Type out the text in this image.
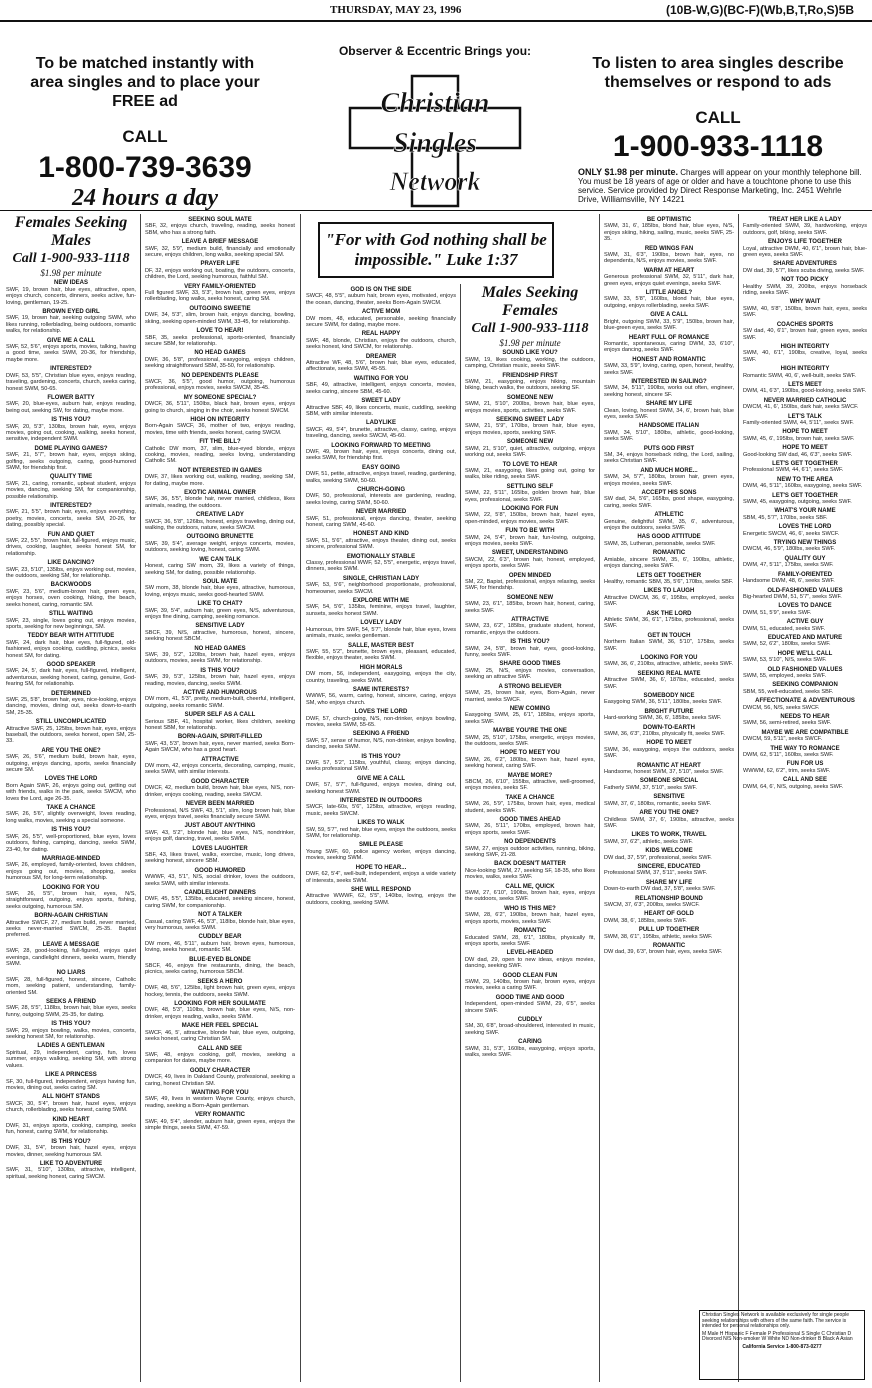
THURSDAY, MAY 23, 1996	(10B-W,G)(BC-F)(Wb,B,T,Ro,S)5B
To be matched instantly with area singles and to place your FREE ad
CALL
1-800-739-3639
24 hours a day
Observer & Eccentric Brings you:
Christian
Singles
Network
To listen to area singles describe themselves or respond to ads
CALL
1-900-933-1118
ONLY $1.98 per minute. Charges will appear on your monthly telephone bill. You must be 18 years of age or older and have a touchtone phone to use this service. Service provided by Direct Response Marketing, Inc. 2451 Wehrle Drive, Williamsville, NY 14221
Females Seeking Males
Call 1-900-933-1118
$1.98 per minute
NEW IDEAS
SWF, 19, brown hair, blue eyes, attractive, open, enjoys church, concerts, dinners, seeks active, fun-loving, gentleman, 19-25.
BROWN EYED GIRL
SWF, 19, brown hair, seeking outgoing SWM, who likes running, rollerblading, being outdoors, romantic walks, for relationship.
GIVE ME A CALL
SWF, 52, 5'6", enjoys sports, movies, talking, having a good time, seeks SWM, 20-36, for friendship, maybe more.
INTERESTED?
DWF, 53, 5'5", Christian blue eyes, enjoys reading, traveling, gardening, concerts, church, seeks caring, honest SWM, 50-65.
FLOWER BATTY
SWF, 20, blue-eyes, auburn hair, enjoys reading, being out, seeking SW, for dating, maybe more.
IS THIS YOU?
SWF, 20, 5'3", 130lbs, brown hair, eyes, enjoys movies, going out, cooking, walking, seeks honest, sensitive, independent SWM.
DOME PLAYING GAMES?
SWF, 21, 5'7", brown hair, eyes, enjoys skiing, golfing, seeks outgoing, caring, good-humored SWM, for friendship first.
QUALITY TIME
SWF, 21, caring, romantic, upbeat student, enjoys movies, dancing, seeking SM, for companionship, possible relationship.
INTERESTED?
SWF, 21, 5'5", brown hair, eyes, enjoys everything, poetry, movies, concerts, seeks SM, 20-26, for dating, possibly special.
FUN AND QUIET
SWF, 22, 5'5", brown hair, full-figured, enjoys music, drives, cooking, laughter, seeks honest SM, for relationship.
LIKE DANCING?
SWF, 23, 5'10", 135lbs, enjoys working out, movies, the outdoors, seeking SM, for relationship.
BACKWOODS
SWF, 23, 5'6", medium-brown hair, green eyes, enjoys horses, oven cooking, hiking, the beach, seeks honest, caring, romantic SM.
STILL WAITING
SWF, 23, single, loves going out, enjoys movies, sports, seeking for new beginnings, SM.
TEDDY BEAR WITH ATTITUDE
SWF, 24, dark hair, blue eyes, full-figured, old-fashioned, enjoys cooking, cuddling, picnics, seeks honest SM, for dating.
GOOD SPEAKER
SWF, 24, 5', dark hair, eyes, full-figured, intelligent, adventurous, seeking honest, caring, genuine, God-fearing SM, for relationship.
DETERMINED
SWF, 25, 5'8", brown hair, eyes, nice-looking, enjoys dancing, movies, dining out, seeks down-to-earth SM, 25-35.
STILL UNCOMPLICATED
Attractive SWF, 25, 125lbs, brown hair, eyes, enjoys baseball, the outdoors, seeks honest, open SM, 25-33.
ARE YOU THE ONE?
SWF, 26, 5'6", medium build, brown hair, eyes, outgoing, enjoys dancing, sports, seeks financially secure SM.
LOVES THE LORD
Born Again SWF, 26, enjoys going out, getting out with friends, walks in the park, seeks SWCM, who loves the Lord, age 26-35.
TAKE A CHANCE
SWF, 26, 5'6", slightly overweight, loves reading, long walks, movies, seeking a special someone.
IS THIS YOU?
SWF, 26, 5'5", well-proportioned, blue eyes, loves outdoors, fishing, camping, dancing, seeks SWM, 23-40, for dating.
MARRIAGE-MINDED
SWF, 26, employed, family-oriented, loves children, enjoys going out, movies, shopping, seeks humorous SM, for long-term relationship.
LOOKING FOR YOU
SWF, 26, 5'5", brown hair, eyes, N/S, straightforward, outgoing, enjoys sports, fishing, seeks outgoing, humorous SM.
BORN-AGAIN CHRISTIAN
Attractive SWCF, 27, medium build, never married, seeks never-married SWCM, 25-35. Baptist preferred.
LEAVE A MESSAGE
SWF, 28, good-looking, full-figured, enjoys quiet evenings, candlelight dinners, seeks warm, friendly SWM.
NO LIARS
SWF, 28, full-figured, honest, sincere, Catholic mom, seeking patient, understanding, family-oriented SM.
SEEKS A FRIEND
SWF, 28, 5'5", 118lbs, brown hair, blue eyes, seeks funny, outgoing SWM, 25-35, for dating.
IS THIS YOU?
SWF, 29, enjoys bowling, walks, movies, concerts, seeking honest SM, for relationship.
LADIES A GENTLEMAN
Spiritual, 29, independent, caring, fun, loves summer, enjoys walking, seeking SM, with strong values.
LIKE A PRINCESS
SF, 30, full-figured, independent, enjoys having fun, movies, dining out, seeks caring SM.
ALL NIGHT STANDS
SWCF, 30, 5'4", brown hair, hazel eyes, enjoys church, rollerblading, seeks honest, caring SWM.
KIND HEART
DWF, 31, enjoys sports, cooking, camping, seeks fun, honest, caring SWM, for relationship.
IS THIS YOU?
DWF, 31, 5'4", brown hair, hazel eyes, enjoys movies, dinner, seeking humorous SM.
LIKE TO ADVENTURE
SWF, 31, 5'10", 130lbs, attractive, intelligent, spiritual, seeking honest, caring SWCM.
SEEKING SOUL MATE
SBF, 32, enjoys church, traveling, reading, seeks honest SBM, who has a strong faith.
LEAVE A BRIEF MESSAGE
SWF, 32, 5'9", medium build, financially and emotionally secure, enjoys children, long walks, seeking special SM.
PRAYER LIFE
DF, 32, enjoys working out, boating, the outdoors, concerts, children, the Lord, seeking humorous, faithful SM.
VERY FAMILY-ORIENTED
Full figured SWF, 33, 5'3", brown hair, green eyes, enjoys rollerblading, long walks, seeks honest, caring SM.
OUTGOING SWEETIE
DWF, 34, 5'3", slim, brown hair, enjoys dancing, bowling, skiing, seeking open-minded SWM, 33-45, for relationship.
LOVE TO HEAR!
SBF, 35, seeks professional, sports-oriented, financially secure SBM, for relationship.
NO HEAD GAMES
DWF, 36, 5'8", professional, easygoing, enjoys children, seeking straightforward SBM, 35-50, for relationship.
NO DEPENDENTS PLEASE
SWCF, 36, 5'5", good humor, outgoing, humorous professional, enjoys movies, seeks SWCM, 35-45.
MY SOMEONE SPECIAL?
DWCF, 36, 5'11", 150lbs, black hair, brown eyes, enjoys going to church, singing in the choir, seeks honest SWCM.
HIGH ON INTEGRITY
Born-Again SWCF, 36, mother of two, enjoys reading, movies, time with friends, seeks honest, caring SWCM.
FIT THE BILL?
Catholic DW mom, 37, slim, blue-eyed blonde, enjoys cooking, movies, reading, seeks loving, understanding Catholic SM.
NOT INTERESTED IN GAMES
DWF, 37, likes working out, walking, reading, seeking SM, for dating, maybe more.
EXOTIC ANIMAL OWNER
SWF, 36, 5'5", blonde hair, never married, childless, likes animals, reading, the outdoors.
CREATIVE LADY
SWCF, 36, 5'8", 126lbs, honest, enjoys traveling, dining out, walking, the outdoors, nature, seeks SWCM.
OUTGOING BRUNETTE
SWF, 39, 5'4", average weight, enjoys concerts, movies, outdoors, seeking loving, honest, caring SWM.
WE CAN TALK
Honest, caring SW mom, 39, likes a variety of things, seeking SM, for dating, possible relationship.
SOUL MATE
SW mom, 38, blonde hair, blue eyes, attractive, humorous, loving, enjoys music, seeks good-hearted SWM.
LIKE TO CHAT?
SWF, 39, 5'4", auburn hair, green eyes, N/S, adventurous, enjoys fine dining, camping, seeking romance.
SENSITIVE LADY
SBCF, 39, N/S, attractive, humorous, honest, sincere, seeking honest SBCM.
NO HEAD GAMES
SWF, 39, 5'2", 120lbs, brown hair, hazel eyes, enjoys outdoors, movies, seeks SWM, for relationship.
IS THIS YOU?
SWF, 39, 5'3", 125lbs, brown hair, hazel eyes, enjoys reading, movies, dancing, seeks SWM.
ACTIVE AND HUMOROUS
DW mom, 41, 5'3", pretty, medium-built, cheerful, intelligent, outgoing, seeks romantic SWM.
SUPER SELF AS A CALL
Serious SBF, 41, hospital worker, likes children, seeking honest SBM, for relationship.
BORN-AGAIN, SPIRIT-FILLED
SWF, 43, 5'3", brown hair, eyes, never married, seeks Born-Again SWCM, who has a good heart.
ATTRACTIVE
DW mom, 42, enjoys concerts, decorating, camping, music, seeks SWM, with similar interests.
GOOD CHARACTER
DWCF, 42, medium build, brown hair, blue eyes, N/S, non-drinker, enjoys cooking, reading, seeks SWCM.
NEVER BEEN MARRIED
Professional, N/S SWF, 43, 5'1", slim, long brown hair, blue eyes, enjoys travel, seeks financially secure SWM.
JUST ABOUT ANYTHING
SWF, 43, 5'2", blonde hair, blue eyes, N/S, nondrinker, enjoys golf, dancing, travel, seeks SWM.
LOVES LAUGHTER
SBF, 43, likes travel, walks, exercise, music, long drives, seeking honest, sincere SBM.
GOOD HUMORED
WWWF, 43, 5'1", N/S, social drinker, loves the outdoors, seeks SWM, with similar interests.
CANDLELIGHT DINNERS
DWF, 45, 5'5", 135lbs, educated, seeking sincere, honest, caring SWM, for companionship.
NOT A TALKER
Casual, caring SWF, 46, 5'3", 118lbs, blonde hair, blue eyes, very humorous, seeks SWM.
CUDDLY BEAR
DW mom, 46, 5'11", auburn hair, brown eyes, humorous, loving, seeks honest, romantic SM.
BLUE-EYED BLONDE
SBCF, 46, enjoys fine restaurants, dining, the beach, picnics, seeks caring, humorous SBCM.
SEEKS A HERO
DWF, 48, 5'6", 125lbs, light brown hair, green eyes, enjoys hockey, tennis, the outdoors, seeks SWM.
LOOKING FOR HER SOULMATE
DWF, 48, 5'3", 110lbs, brown hair, blue eyes, N/S, non-drinker, enjoys reading, walks, seeks SWM.
MAKE HER FEEL SPECIAL
SWCF, 46, 5', attractive, blonde hair, blue eyes, outgoing, seeks honest, caring Christian SM.
CALL AND SEE
SWF, 48, enjoys cooking, golf, movies, seeking a companion for dates, maybe more.
GODLY CHARACTER
DWCF, 49, lives in Oakland County, professional, seeking a caring, honest Christian SM.
WANTING FOR YOU
SWF, 49, lives in western Wayne County, enjoys church, reading, seeking a Born-Again gentleman.
VERY ROMANTIC
SWF, 49, 5'4", slender, auburn hair, green eyes, enjoys the simple things, seeks SWM, 47-59.
"For with God nothing shall be impossible." Luke 1:37
GOD IS ON THE SIDE
SWCF, 48, 5'5", auburn hair, brown eyes, motivated, enjoys the ocean, dancing, theater, seeks Born-Again SWCM.
ACTIVE MOM
DW mom, 48, educated, personable, seeking financially secure SWM, for dating, maybe more.
REAL HAPPY
SWF, 48, blonde, Christian, enjoys the outdoors, church, seeks honest, kind SWCM, for relationship.
DREAMER
Attractive WF, 48, 5'6", brown hair, blue eyes, educated, affectionate, seeks SWM, 45-55.
WAITING FOR YOU
SBF, 49, attractive, intelligent, enjoys concerts, movies, seeks caring, sincere SBM, 45-60.
SWEET LADY
Attractive SBF, 49, likes concerts, music, cuddling, seeking SBM, with similar interests.
LADYLIKE
SWCF, 49, 5'4", brunette, attractive, classy, caring, enjoys traveling, dancing, seeks SWCM, 45-60.
LOOKING FORWARD TO MEETING
DWF, 49, brown hair, eyes, enjoys concerts, dining out, seeks SWM, for friendship first.
EASY GOING
DWF, 51, petite, attractive, enjoys travel, reading, gardening, walks, seeking SWM, 50-60.
CHURCH-GOING
DWF, 50, professional, interests are gardening, reading, seeks loving, caring SWM, 50-60.
NEVER MARRIED
SWF, 51, professional, enjoys dancing, theater, seeking honest, caring SWM, 45-60.
HONEST AND KIND
SWF, 51, 5'6", attractive, enjoys theater, dining out, seeks sincere, professional SWM.
EMOTIONALLY STABLE
Classy, professional WWF, 52, 5'5", energetic, enjoys travel, dinners, seeks SWM.
SINGLE, CHRISTIAN LADY
SWF, 53, 5'6", neighborhood proportionate, professional, homeowner, seeks SWCM.
EXPLORE WITH ME
SWF, 54, 5'6", 135lbs, feminine, enjoys travel, laughter, sunsets, seeks honest SWM.
LOVELY LADY
Humorous, trim SWF, 54, 5'7", blonde hair, blue eyes, loves animals, music, seeks gentleman.
SALLE, MASTER BEST
SWF, 55, 5'2", brunette, brown eyes, pleasant, educated, flexible, enjoys theater, seeks SWM.
HIGH MORALS
DW mom, 56, independent, easygoing, enjoys the city, country, traveling, seeks SWM.
SAME INTERESTS?
WWWF, 56, warm, caring, honest, sincere, caring, enjoys SM, who enjoys church.
LOVES THE LORD
DWF, 57, church-going, N/S, non-drinker, enjoys bowling, movies, seeks SWM, 55-65.
SEEKING A FRIEND
SWF, 57, sense of humor, N/S, non-drinker, enjoys bowling, dancing, seeks SWM.
IS THIS YOU?
DWF, 57, 5'2", 115lbs, youthful, classy, enjoys dancing, seeks professional SWM.
GIVE ME A CALL
DWF, 57, 5'7", full-figured, enjoys movies, dining out, seeking honest SWM.
INTERESTED IN OUTDOORS
SWCF, late-60s, 5'6", 125lbs, attractive, enjoys reading, music, seeks SWCM.
LIKES TO WALK
SW, 59, 5'7", red hair, blue eyes, enjoys the outdoors, seeks SWM, for relationship.
SMILE PLEASE
Young SWF, 60, police agency worker, enjoys dancing, movies, seeking SWM.
HOPE TO HEAR...
DWF, 62, 5'4", well-built, independent, enjoys a wide variety of interests, seeks SWM.
SHE WILL RESPOND
Attractive WWWF, 62, 5'5", 140lbs, loving, enjoys the outdoors, cooking, seeking SWM.
Males Seeking Females
Call 1-900-933-1118
$1.98 per minute
SOUND LIKE YOU?
SWM, 19, likes cooking, working, the outdoors, camping, Christian music, seeks SWF.
FRIENDSHIP FIRST
SWM, 21, easygoing, enjoys hiking, mountain biking, beach walks, the outdoors, seeking SF.
SOMEONE NEW
SWM, 21, 5'10", 200lbs, brown hair, blue eyes, enjoys movies, sports, activities, seeks SWF.
SEEKING SWEET LADY
SWM, 21, 5'9", 170lbs, brown hair, blue eyes, enjoys movies, sports, seeking SWF.
SOMEONE NEW
SWM, 21, 5'10", quiet, attractive, outgoing, enjoys working out, seeks SWF.
TO LOVE TO HEAR
SWM, 21, easygoing, likes going out, going for walks, bike riding, seeks SWF.
SETTLING SELF
SWM, 22, 5'11", 165lbs, golden brown hair, blue eyes, professional, seeks SWF.
LOOKING FOR FUN
SWM, 22, 5'8", 150lbs, brown hair, hazel eyes, open-minded, enjoys movies, seeks SWF.
FUN TO BE WITH
SWM, 24, 5'4", brown hair, fun-loving, outgoing, enjoys movies, seeks SWF.
SWEET, UNDERSTANDING
SWCM, 22, 6'3", brown hair, honest, employed, enjoys sports, seeks SWF.
OPEN MINDED
SM, 22, Bapist, professional, enjoys relaxing, seeks SWF, for friendship.
SOMEONE NEW
SWM, 23, 6'1", 185lbs, brown hair, honest, caring, seeks SWF.
ATTRACTIVE
SWM, 23, 6'2", 185lbs, graduate student, honest, romantic, enjoys the outdoors.
IS THIS YOU?
SWM, 24, 5'8", brown hair, eyes, good-looking, funny, seeks SWF.
SHARE GOOD TIMES
SWM, 25, N/S, enjoys movies, conversation, seeking an attractive SWF.
A STRONG BELIEVER
SWM, 25, brown hair, eyes, Born-Again, never married, seeks SWCF.
NEW COMING
Easygoing SWM, 25, 6'1", 185lbs, enjoys sports, seeks SWF.
MAYBE YOU'RE THE ONE
SWM, 25, 5'10", 175lbs, energetic, enjoys movies, the outdoors, seeks SWF.
HOPE TO MEET YOU
SWM, 26, 6'2", 180lbs, brown hair, hazel eyes, seeking honest, caring SWF.
MAYBE MORE?
SBCM, 26, 6'10", 155lbs, attractive, well-groomed, enjoys movies, seeks SF.
TAKE A CHANCE
SWM, 26, 5'9", 175lbs, brown hair, eyes, medical student, seeks SWF.
GOOD TIMES AHEAD
SWM, 26, 5'11", 170lbs, employed, brown hair, enjoys sports, seeks SWF.
NO DEPENDENTS
SWM, 27, enjoys outdoor activities, running, biking, seeking SWF, 21-28.
BACK DOESN'T MATTER
Nice-looking SWM, 27, seeking SF, 18-35, who likes movies, walks, seeks SWF.
CALL ME, QUICK
SWM, 27, 6'10", 190lbs, brown hair, eyes, enjoys the outdoors, seeks SWF.
WHO IS THIS ME?
SWM, 28, 6'2", 190lbs, brown hair, hazel eyes, enjoys sports, movies, seeks SWF.
ROMANTIC
Educated SWM, 28, 6'1", 180lbs, physically fit, enjoys sports, seeks SWF.
LEVEL-HEADED
DW dad, 29, open to new ideas, enjoys movies, dancing, seeking SWF.
GOOD CLEAN FUN
SWM, 29, 140lbs, brown hair, brown eyes, enjoys movies, seeks a caring SWF.
GOOD TIME AND GOOD
Independent, open-minded SWM, 29, 6'5", seeks sincere SWF.
CUDDLY
SM, 30, 6'8", broad-shouldered, interested in music, seeking SWF.
CARING
SWM, 31, 5'3", 160lbs, easygoing, enjoys sports, walks, seeks SWF.
BE OPTIMISTIC
SWM, 31, 6', 185lbs, blond hair, blue eyes, N/S, enjoys skiing, hiking, sailing, music, seeks SWF, 25-35.
RED WINGS FAN
SWM, 31, 6'3", 190lbs, brown hair, eyes, no dependents, N/S, enjoys movies, seeks SWF.
WARM AT HEART
Generous professional SWM, 32, 5'11", dark hair, green eyes, enjoys quiet evenings, seeks SWF.
LITTLE ANGEL?
SWM, 33, 5'8", 160lbs, blond hair, blue eyes, outgoing, enjoys rollerblading, seeks SWF.
GIVE A CALL
Bright, outgoing SWM, 33, 5'9", 150lbs, brown hair, blue-green eyes, seeks SWF.
HEART FULL OF ROMANCE
Romantic, spontaneous, caring DWM, 33, 6'10", enjoys dancing, seeks SWF.
HONEST AND ROMANTIC
SWM, 33, 5'9", loving, caring, open, honest, healthy, seeks SWF.
INTERESTED IN SAILING?
SWM, 34, 5'11", 190lbs, works out often, engineer, seeking honest, sincere SF.
SHARE MY LIFE
Clean, loving, honest SWM, 34, 6', brown hair, blue eyes, seeks SWF.
HANDSOME ITALIAN
SWM, 34, 5'10", 180lbs, athletic, good-looking, seeks SWF.
PUTS GOD FIRST
SM, 34, enjoys horseback riding, the Lord, sailing, seeks Christian SWF.
AND MUCH MORE...
SWM, 34, 5'7", 180lbs, brown hair, green eyes, enjoys movies, seeks SWF.
ACCEPT HIS SONS
SW dad, 34, 5'6", 165lbs, good shape, easygoing, caring, seeks SWF.
ATHLETIC
Genuine, delightful SWM, 35, 6', adventurous, enjoys the outdoors, seeks SWF.
HAS GOOD ATTITUDE
SWM, 35, Lutheran, personable, seeks SWF.
ROMANTIC
Amiable, sincere SWM, 35, 6', 190lbs, athletic, enjoys dancing, seeks SWF.
LETS GET TOGETHER
Healthy, romantic SBM, 35, 5'6", 170lbs, seeks SBF.
LIKES TO LAUGH
Attractive DWCM, 36, 6', 195lbs, employed, seeks SWF.
ASK THE LORD
Athletic SWM, 36, 6'1", 175lbs, professional, seeks SWF.
GET IN TOUCH
Northern Italian SWM, 36, 5'10", 175lbs, seeks SWF.
LOOKING FOR YOU
SWM, 36, 6', 210lbs, attractive, athletic, seeks SWF.
SEEKING REAL MATE
Attractive SWM, 36, 6', 187lbs, educated, seeks SWF.
SOMEBODY NICE
Easygoing SWM, 36, 5'11", 180lbs, seeks SWF.
BRIGHT FUTURE
Hard-working SWM, 36, 6', 185lbs, seeks SWF.
DOWN-TO-EARTH
SWM, 36, 6'3", 210lbs, physically fit, seeks SWF.
HOPE TO MEET
SWM, 36, easygoing, enjoys the outdoors, seeks SWF.
ROMANTIC AT HEART
Handsome, honest SWM, 37, 5'10", seeks SWF.
SOMEONE SPECIAL
Fatherly SWM, 37, 5'10", seeks SWF.
SENSITIVE
SWM, 37, 6', 180lbs, romantic, seeks SWF.
ARE YOU THE ONE?
Childless SWM, 37, 6', 190lbs, attractive, seeks SWF.
LIKES TO WORK, TRAVEL
SWM, 37, 6'2", athletic, seeks SWF.
KIDS WELCOME
DW dad, 37, 5'9", professional, seeks SWF.
SINCERE, EDUCATED
Professional SWM, 37, 5'11", seeks SWF.
SHARE MY LIFE
Down-to-earth DW dad, 37, 5'8", seeks SWF.
RELATIONSHIP BOUND
SWCM, 37, 6'3", 200lbs, seeks SWCF.
HEART OF GOLD
DWM, 38, 6', 185lbs, seeks SWF.
PULL UP TOGETHER
SWM, 38, 6'1", 195lbs, athletic, seeks SWF.
ROMANTIC
DW dad, 39, 6'3", brown hair, eyes, seeks SWF.
TREAT HER LIKE A LADY
Family-oriented SWM, 39, hardworking, enjoys outdoors, golf, biking, seeks SWF.
ENJOYS LIFE TOGETHER
Loyal, attractive DWM, 40, 6'1", brown hair, blue-green eyes, seeks SWF.
SHARE ADVENTURES
DW dad, 39, 5'7", likes scuba diving, seeks SWF.
NOT TOO PICKY
Healthy SWM, 39, 200lbs, enjoys horseback riding, seeks SWF.
WHY WAIT
SWM, 40, 5'8", 150lbs, brown hair, eyes, seeks SWF.
COACHES SPORTS
SW dad, 40, 6'1", brown hair, green eyes, seeks SWF.
HIGH INTEGRITY
SWM, 40, 6'1", 190lbs, creative, loyal, seeks SWF.
HIGH INTEGRITY
Romantic SWM, 40, 6', well-built, seeks SWF.
LETS MEET
DWM, 41, 6'3", 190lbs, good-looking, seeks SWF.
NEVER MARRIED CATHOLIC
DWCM, 41, 6', 150lbs, dark hair, seeks SWCF.
LET'S TALK
Family-oriented SWM, 44, 5'11", seeks SWF.
HOPE TO MEET
SWM, 45, 6', 195lbs, brown hair, seeks SWF.
HOPE TO MEET
Good-looking SW dad, 46, 6'3", seeks SWF.
LET'S GET TOGETHER
Professional SWM, 44, 6'1", seeks SWF.
NEW TO THE AREA
DWM, 46, 5'11", 160lbs, easygoing, seeks SWF.
LET'S GET TOGETHER
SWM, 45, easygoing, outgoing, seeks SWF.
WHAT'S YOUR NAME
SBM, 45, 5'7", 170lbs, seeks SBF.
LOVES THE LORD
Energetic SWCM, 46, 6', seeks SWCF.
TRYING NEW THINGS
DWCM, 46, 5'9", 180lbs, seeks SWF.
QUALITY GUY
DWM, 47, 5'11", 175lbs, seeks SWF.
FAMILY-ORIENTED
Handsome DWM, 48, 6', seeks SWF.
OLD-FASHIONED VALUES
Big-hearted DWM, 51, 5'7", seeks SWF.
LOVES TO DANCE
DWM, 51, 5'9", seeks SWF.
ACTIVE GUY
DWM, 51, educated, seeks SWF.
EDUCATED AND MATURE
SWM, 52, 6'2", 180lbs, seeks SWF.
HOPE WE'LL CALL
SWM, 53, 5'10", N/S, seeks SWF.
OLD FASHIONED VALUES
SWM, 55, employed, seeks SWF.
SEEKING COMPANION
SBM, 55, well-educated, seeks SBF.
AFFECTIONATE & ADVENTUROUS
DWCM, 56, N/S, seeks SWCF.
NEEDS TO HEAR
SWM, 56, semi-retired, seeks SWF.
MAYBE WE ARE COMPATIBLE
DWCM, 59, 5'11", seeks SWCF.
THE WAY TO ROMANCE
DWM, 62, 5'11", 160lbs, seeks SWF.
FUN FOR US
WWWM, 62, 6'2", trim, seeks SWF.
CALL AND SEE
DWM, 64, 6', N/S, outgoing, seeks SWF.
Christian Singles Network is available exclusively for single people seeking relationships with others of the same faith. The service is intended for personal relationships only.
M Male H Hispanic F Female P Professional S Single C Christian D Divorced N/S Non-smoker W White ND Non-drinker B Black A Asian
California Service 1-800-873-0277
